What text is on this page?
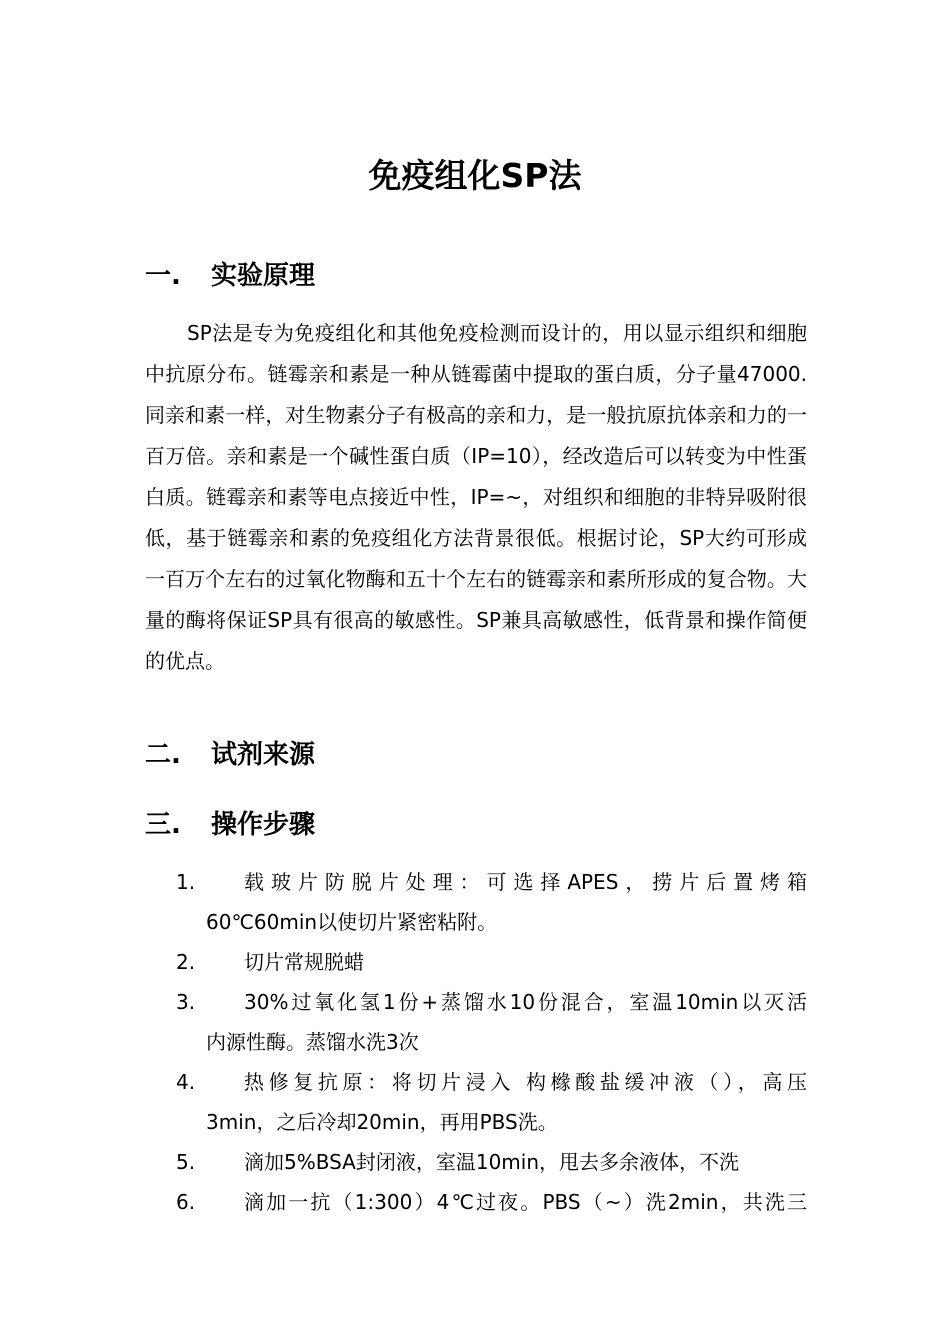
免疫组化SP法
一. 实验原理

SP法是专为免疫组化和其他免疫检测而设计的，用以显示组织和细胞中抗原分布。链霉亲和素是一种从链霉菌中提取的蛋白质，分子量47000.同亲和素一样，对生物素分子有极高的亲和力，是一般抗原抗体亲和力的一百万倍。亲和素是一个碱性蛋白质（IP=10），经改造后可以转变为中性蛋白质。链霉亲和素等电点接近中性，IP=~，对组织和细胞的非特异吸附很低，基于链霉亲和素的免疫组化方法背景很低。根据讨论，SP大约可形成一百万个左右的过氧化物酶和五十个左右的链霉亲和素所形成的复合物。大量的酶将保证SP具有很高的敏感性。SP兼具高敏感性，低背景和操作简便的优点。

二. 试剂来源
三. 操作步骤
1.	载玻片防脱片处理：可选择APES，捞片后置烤箱
60℃60min以使切片紧密粘附。
2.	切片常规脱蜡
3.	30%过氧化氢1份+蒸馏水10份混合，室温10min以灭活
内源性酶。蒸馏水洗3次
4.	热修复抗原：将切片浸入 构橼酸盐缓冲液（），高压
3min，之后冷却20min，再用PBS洗。
5.	滴加5%BSA封闭液，室温10min，甩去多余液体，不洗
6.	滴加一抗（1:300）4℃过夜。PBS（~）洗2min，共洗三
